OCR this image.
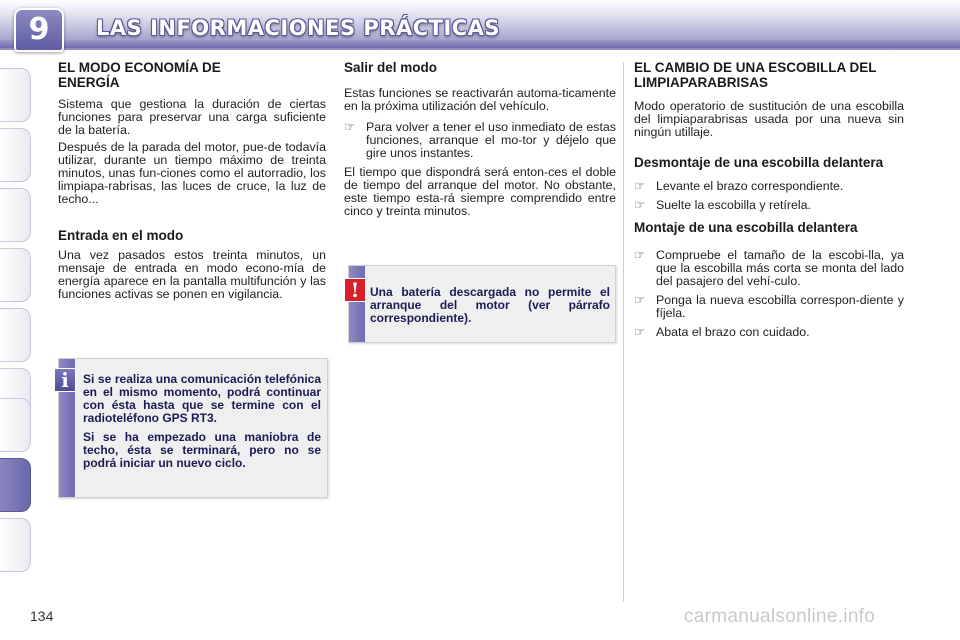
9	LAS INFORMACIONES PRÁCTICAS
EL MODO ECONOMÍA DE ENERGÍA

Sistema que gestiona la duración de ciertas funciones para preservar una carga suficiente de la batería.

Después de la parada del motor, pue-de todavía utilizar, durante un tiempo máximo de treinta minutos, unas fun-ciones como el autorradio, los limpiapa-rabrisas, las luces de cruce, la luz de techo...

Entrada en el modo

Una vez pasados estos treinta minutos, un mensaje de entrada en modo econo-mía de energía aparece en la pantalla multifunción y las funciones activas se ponen en vigilancia.

i	Si se realiza una comunicación telefónica en el mismo momento, podrá continuar con ésta hasta que se termine con el radioteléfono GPS RT3.

Si se ha empezado una maniobra de techo, ésta se terminará, pero no se podrá iniciar un nuevo ciclo.

Salir del modo

Estas funciones se reactivarán automa-ticamente en la próxima utilización del vehículo.

☞ Para volver a tener el uso inmediato de estas funciones, arranque el mo-tor y déjelo que gire unos instantes.

El tiempo que dispondrá será enton-ces el doble de tiempo del arranque del motor. No obstante, este tiempo esta-rá siempre comprendido entre cinco y treinta minutos.

! Una batería descargada no permite el arranque del motor (ver párrafo correspondiente).
EL CAMBIO DE UNA ESCOBILLA DEL LIMPIAPARABRISAS

Modo operatorio de sustitución de una escobilla del limpiaparabrisas usada por una nueva sin ningún utillaje.

Desmontaje de una escobilla delantera
☞ Levante el brazo correspondiente.
☞ Suelte la escobilla y retírela.
Montaje de una escobilla delantera
☞ Compruebe el tamaño de la escobi-lla, ya que la escobilla más corta se monta del lado del pasajero del vehí-culo.
☞ Ponga la nueva escobilla correspon-diente y fíjela.
☞ Abata el brazo con cuidado.
134	carmanualsonline.info
